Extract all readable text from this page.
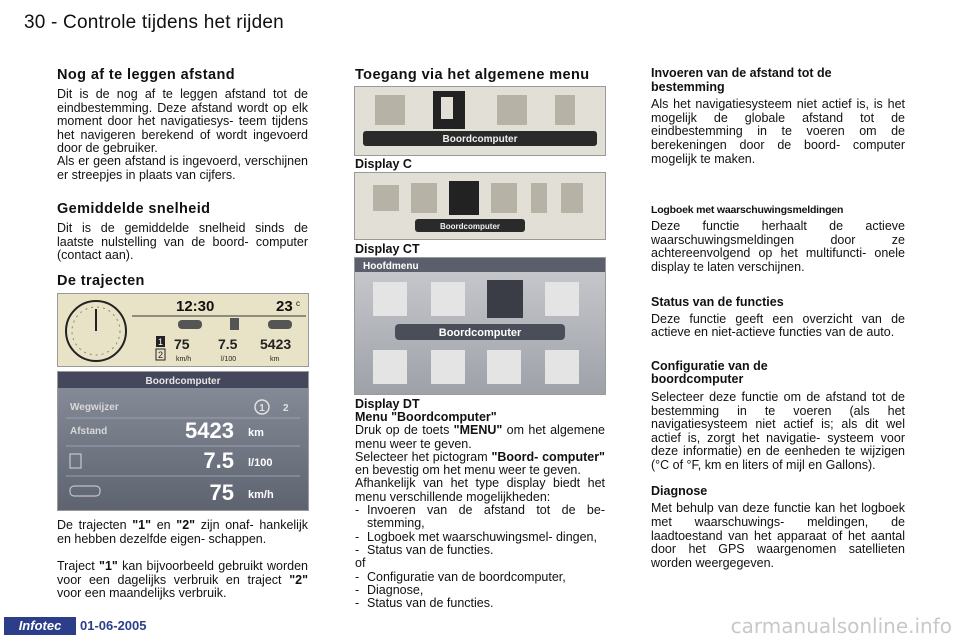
30 - Controle tijdens het rijden
Nog af te leggen afstand
Dit is de nog af te leggen afstand tot de eindbestemming. Deze afstand wordt op elk moment door het navigatiesys- teem tijdens het navigeren berekend of wordt ingevoerd door de gebruiker.
Als er geen afstand is ingevoerd, verschijnen er streepjes in plaats van cijfers.
Gemiddelde snelheid
Dit is de gemiddelde snelheid sinds de laatste nulstelling van de boord- computer (contact aan).
De trajecten
12:30	23 c
1
2
75 7.5 5423
km/h	l/100	km
Boordcomputer
Wegwijzer	1 2
Afstand	5423 km
7.5 l/100
75 km/h
De trajecten "1" en "2" zijn onaf- hankelijk en hebben dezelfde eigen- schappen.
Traject "1" kan bijvoorbeeld gebruikt worden voor een dagelijks verbruik en traject "2" voor een maandelijks verbruik.
Toegang via het algemene menu
Boordcomputer
Display C
Boordcomputer
Display CT
Hoofdmenu
Boordcomputer
Display DT
Menu "Boordcomputer"
Druk op de toets "MENU" om het algemene menu weer te geven.
Selecteer het pictogram "Boord- computer" en bevestig om het menu weer te geven.
Afhankelijk van het type display biedt het menu verschillende mogelijkheden:
- Invoeren van de afstand tot de be- stemming,
- Logboek met waarschuwingsmel- dingen,
- Status van de functies.
of
- Configuratie van de boordcomputer,
- Diagnose,
- Status van de functies.
Invoeren van de afstand tot de bestemming
Als het navigatiesysteem niet actief is, is het mogelijk de globale afstand tot de eindbestemming in te voeren om de berekeningen door de boord- computer mogelijk te maken.
Logboek met waarschuwingsmeldingen
Deze functie herhaalt de actieve waarschuwingsmeldingen door ze achtereenvolgend op het multifuncti- onele display te laten verschijnen.
Status van de functies
Deze functie geeft een overzicht van de actieve en niet-actieve functies van de auto.
Configuratie van de boordcomputer
Selecteer deze functie om de afstand tot de bestemming in te voeren (als het navigatiesysteem niet actief is; als dit wel actief is, zorgt het navigatie- systeem voor deze informatie) en de eenheden te wijzigen (°C of °F, km en liters of mijl en Gallons).
Diagnose
Met behulp van deze functie kan het logboek met waarschuwings- meldingen, de laadtoestand van het apparaat of het aantal door het GPS waargenomen satellieten worden weergegeven.
Infotec	01-06-2005	carmanualsonline.info
